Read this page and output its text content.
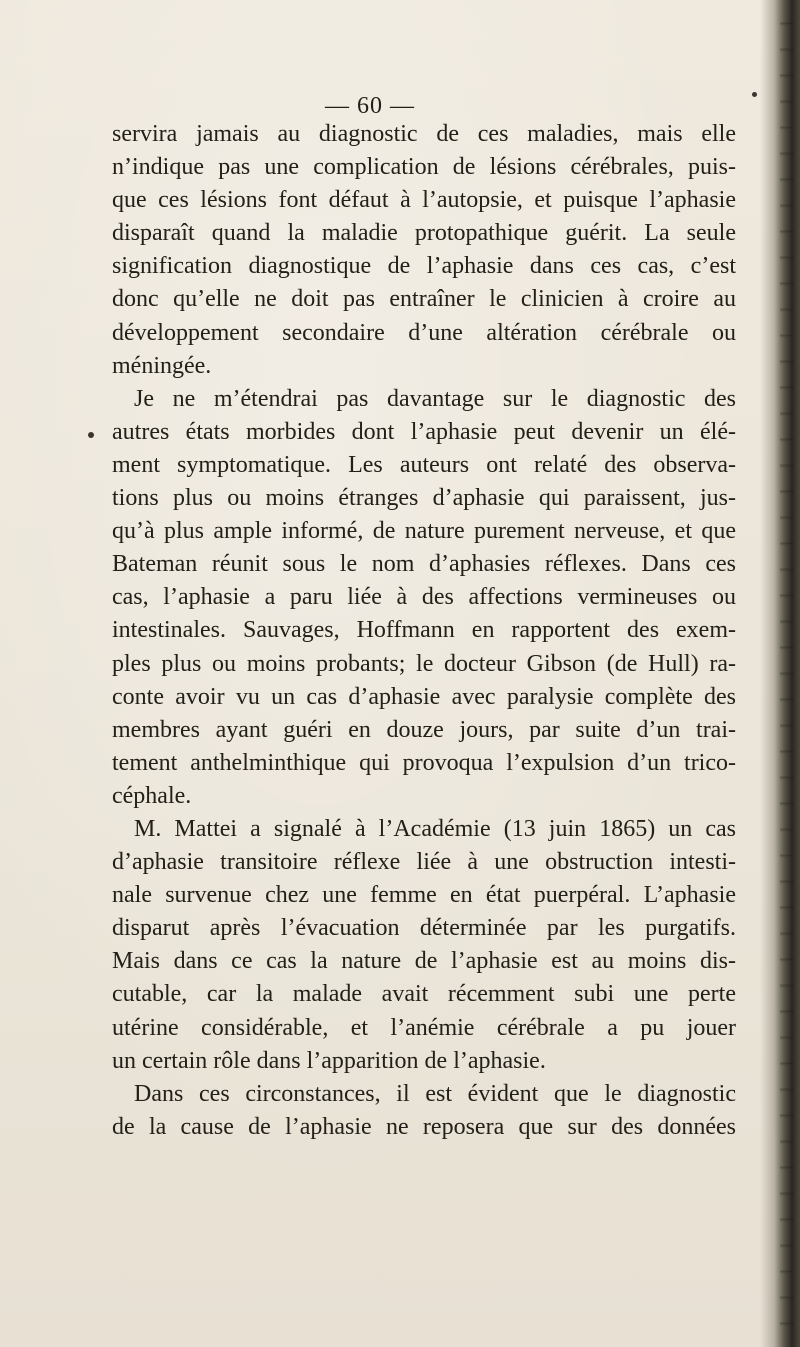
— 60 —
servira jamais au diagnostic de ces maladies, mais elle
n’indique pas une complication de lésions cérébrales, puis-
que ces lésions font défaut à l’autopsie, et puisque l’aphasie
disparaît quand la maladie protopathique guérit. La seule
signification diagnostique de l’aphasie dans ces cas, c’est
donc qu’elle ne doit pas entraîner le clinicien à croire au
développement secondaire d’une altération cérébrale ou
méningée.
Je ne m’étendrai pas davantage sur le diagnostic des
autres états morbides dont l’aphasie peut devenir un élé-
ment symptomatique. Les auteurs ont relaté des observa-
tions plus ou moins étranges d’aphasie qui paraissent, jus-
qu’à plus ample informé, de nature purement nerveuse, et que
Bateman réunit sous le nom d’aphasies réflexes. Dans ces
cas, l’aphasie a paru liée à des affections vermineuses ou
intestinales. Sauvages, Hoffmann en rapportent des exem-
ples plus ou moins probants; le docteur Gibson (de Hull) ra-
conte avoir vu un cas d’aphasie avec paralysie complète des
membres ayant guéri en douze jours, par suite d’un trai-
tement anthelminthique qui provoqua l’expulsion d’un trico-
céphale.
M. Mattei a signalé à l’Académie (13 juin 1865) un cas
d’aphasie transitoire réflexe liée à une obstruction intesti-
nale survenue chez une femme en état puerpéral. L’aphasie
disparut après l’évacuation déterminée par les purgatifs.
Mais dans ce cas la nature de l’aphasie est au moins dis-
cutable, car la malade avait récemment subi une perte
utérine considérable, et l’anémie cérébrale a pu jouer
un certain rôle dans l’apparition de l’aphasie.
Dans ces circonstances, il est évident que le diagnostic
de la cause de l’aphasie ne reposera que sur des données
